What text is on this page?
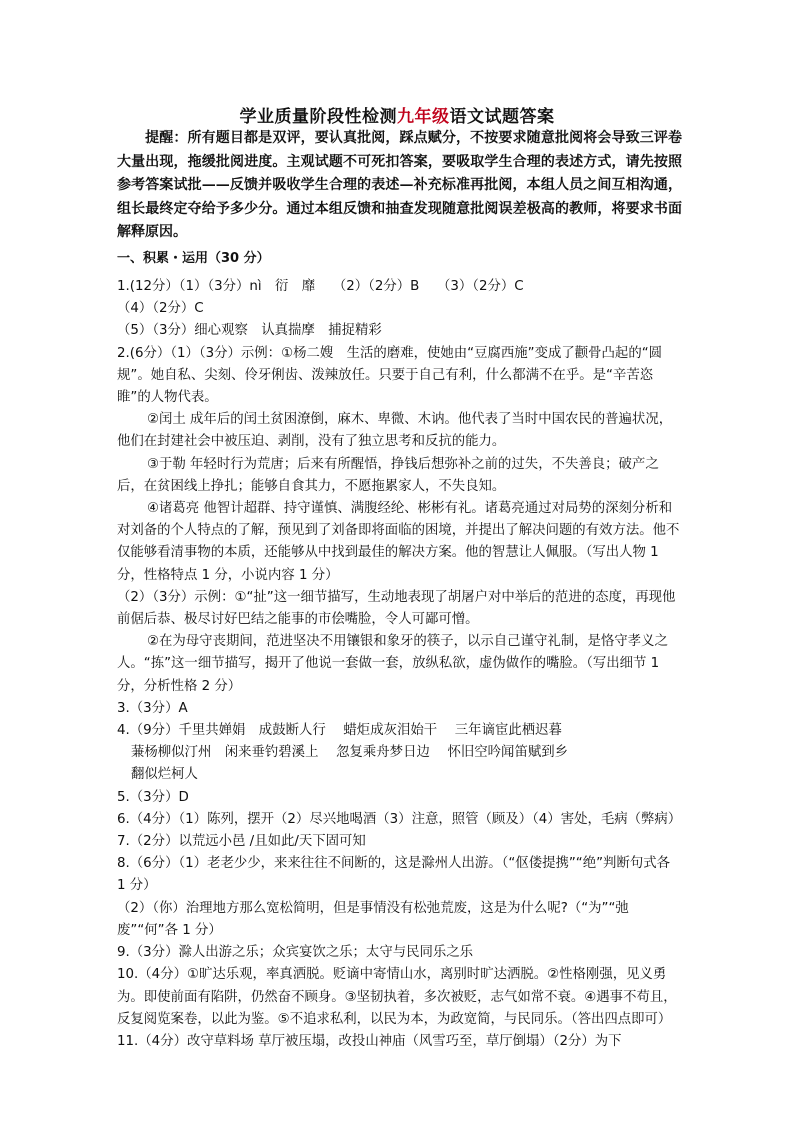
学业质量阶段性检测九年级语文试题答案
提醒：所有题目都是双评，要认真批阅，踩点赋分，不按要求随意批阅将会导致三评卷大量出现，拖缓批阅进度。主观试题不可死扣答案，要吸取学生合理的表述方式，请先按照参考答案试批——反馈并吸收学生合理的表述—补充标准再批阅，本组人员之间互相沟通，组长最终定夺给予多少分。通过本组反馈和抽查发现随意批阅误差极高的教师，将要求书面解释原因。
一、积累・运用（30 分）

1.(12分）（1）（3分）nì　衍　靡　 （2）（2分）B　 （3）（2分）C

（4）（2分）C

（5）（3分）细心观察　认真揣摩　捕捉精彩

2.(6分）（1）（3分）示例：①杨二嫂　生活的磨难，使她由“豆腐西施”变成了颧骨凸起的“圆规”。她自私、尖刻、伶牙俐齿、泼辣放任。只要于自己有利，什么都满不在乎。是“辛苦恣睢”的人物代表。

②闰土 成年后的闰土贫困潦倒，麻木、卑微、木讷。他代表了当时中国农民的普遍状况，他们在封建社会中被压迫、剥削，没有了独立思考和反抗的能力。

③于勒 年轻时行为荒唐；后来有所醒悟，挣钱后想弥补之前的过失，不失善良；破产之后，在贫困线上挣扎；能够自食其力，不愿拖累家人，不失良知。

④诸葛亮 他智计超群、持守谨慎、满腹经纶、彬彬有礼。诸葛亮通过对局势的深刻分析和对刘备的个人特点的了解，预见到了刘备即将面临的困境，并提出了解决问题的有效方法。他不仅能够看清事物的本质，还能够从中找到最佳的解决方案。他的智慧让人佩服。（写出人物 1 分，性格特点 1 分，小说内容 1 分）

（2）（3分）示例：①“扯”这一细节描写，生动地表现了胡屠户对中举后的范进的态度，再现他前倨后恭、极尽讨好巴结之能事的市侩嘴脸，令人可鄙可憎。

②在为母守丧期间，范进坚决不用镶银和象牙的筷子，以示自己谨守礼制，是恪守孝义之人。“拣”这一细节描写，揭开了他说一套做一套，放纵私欲，虚伪做作的嘴脸。（写出细节 1 分，分析性格 2 分）

3.（3分）A

4.（9分）千里共婵娟　成鼓断人行　 蜡炬成灰泪始干　 三年谪宦此栖迟暮

蒹杨柳似汀州　闲来垂钓碧溪上　 忽复乘舟梦日边　 怀旧空吟闻笛赋到乡

翻似烂柯人

5.（3分）D

6.（4分）（1）陈列，摆开（2）尽兴地喝酒（3）注意，照管（顾及）（4）害处，毛病（弊病）

7.（2分）以荒远小邑 /且如此/天下固可知

8.（6分）（1）老老少少，来来往往不间断的，这是滁州人出游。（“伛偻提携”“绝”判断句式各 1 分）

（2）（你）治理地方那么宽松简明，但是事情没有松弛荒废，这是为什么呢?（“为”“弛废”“何”各 1 分）

9.（3分）滁人出游之乐；众宾宴饮之乐；太守与民同乐之乐

10.（4分）①旷达乐观，率真洒脱。贬谪中寄情山水，离别时旷达洒脱。②性格刚强，见义勇为。即使前面有陷阱，仍然奋不顾身。③坚韧执着，多次被贬，志气如常不衰。④遇事不苟且，反复阅览案卷，以此为鉴。⑤不追求私利，以民为本，为政宽简，与民同乐。（答出四点即可）

11.（4分）改守草料场 草厅被压塌，改投山神庙（风雪巧至，草厅倒塌）（2分）为下
